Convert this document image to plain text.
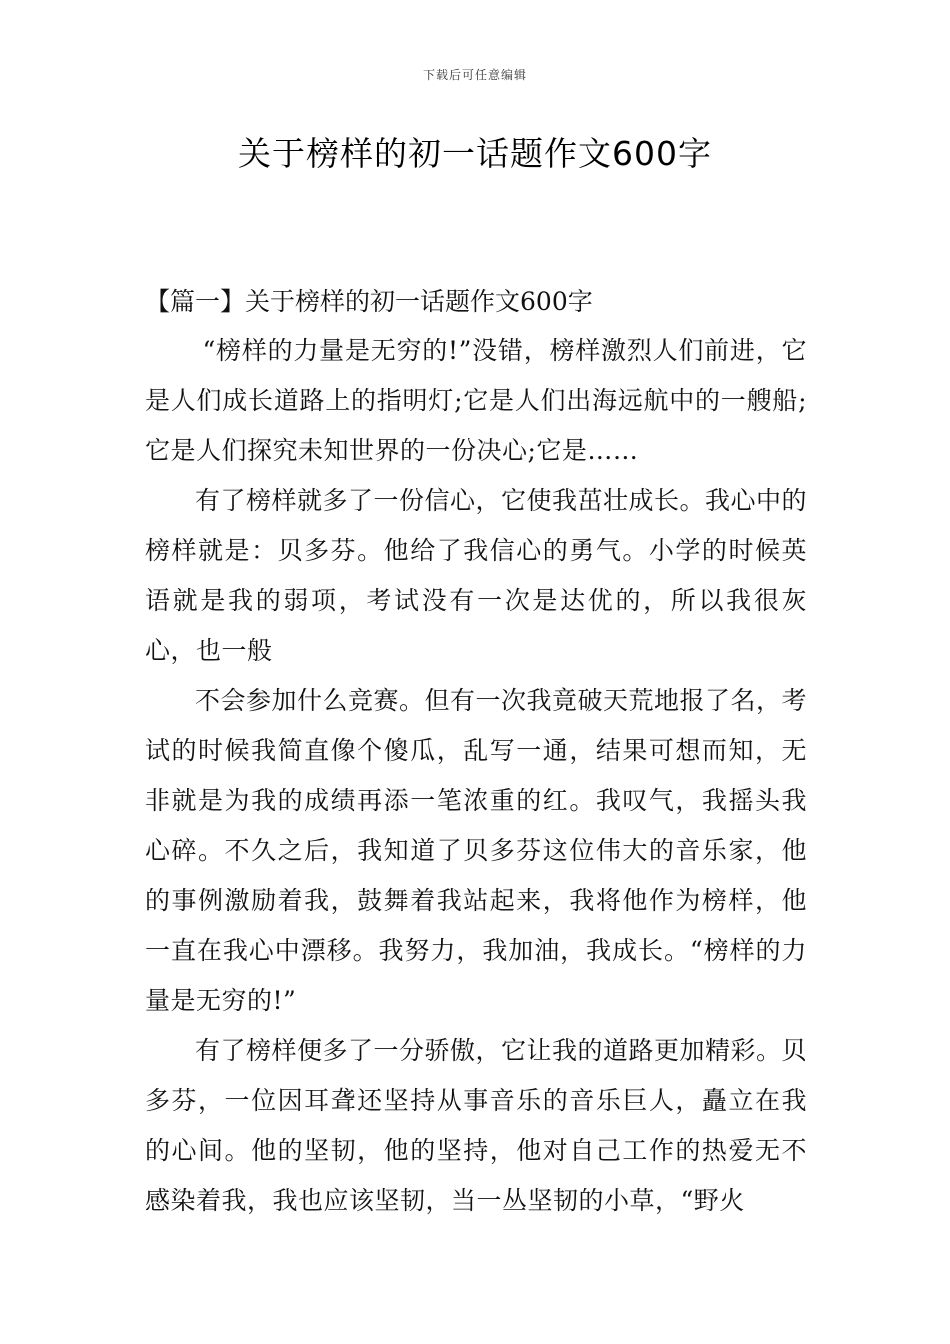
下载后可任意编辑
关于榜样的初一话题作文600字
【篇一】关于榜样的初一话题作文600字

“榜样的力量是无穷的!”没错，榜样激烈人们前进，它是人们成长道路上的指明灯;它是人们出海远航中的一艘船;它是人们探究未知世界的一份决心;它是……

有了榜样就多了一份信心，它使我茁壮成长。我心中的榜样就是：贝多芬。他给了我信心的勇气。小学的时候英语就是我的弱项，考试没有一次是达优的，所以我很灰心，也一般

不会参加什么竞赛。但有一次我竟破天荒地报了名，考试的时候我简直像个傻瓜，乱写一通，结果可想而知，无非就是为我的成绩再添一笔浓重的红。我叹气，我摇头我心碎。不久之后，我知道了贝多芬这位伟大的音乐家，他的事例激励着我，鼓舞着我站起来，我将他作为榜样，他一直在我心中漂移。我努力，我加油，我成长。“榜样的力量是无穷的!”

有了榜样便多了一分骄傲，它让我的道路更加精彩。贝多芬，一位因耳聋还坚持从事音乐的音乐巨人，矗立在我的心间。他的坚韧，他的坚持，他对自己工作的热爱无不感染着我，我也应该坚韧，当一丛坚韧的小草，“野火
